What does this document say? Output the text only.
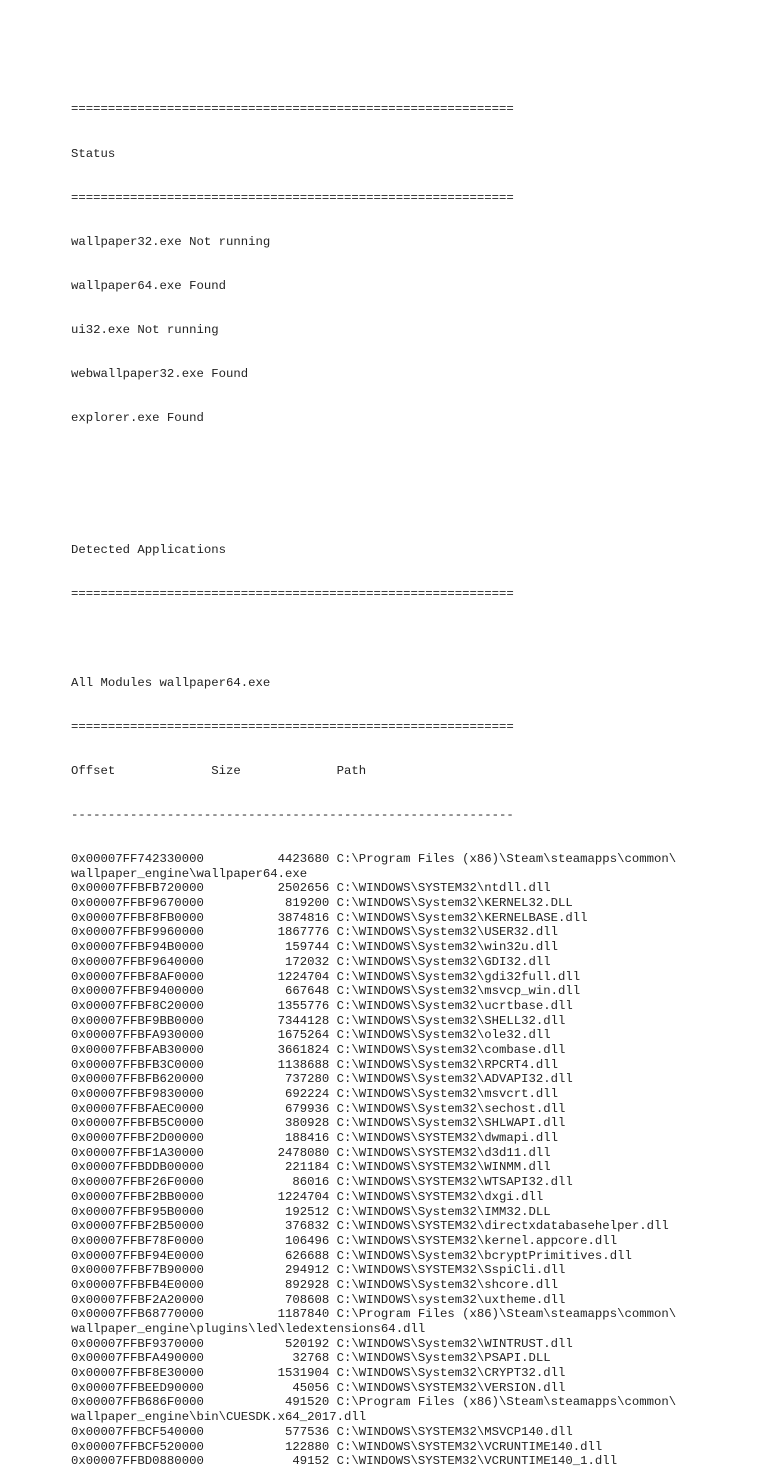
============================================================

Status

============================================================

wallpaper32.exe Not running

wallpaper64.exe Found

ui32.exe Not running

webwallpaper32.exe Found

explorer.exe Found

Detected Applications

============================================================

All Modules wallpaper64.exe

============================================================

Offset             Size             Path

------------------------------------------------------------

0x00007FF742330000	4423680 C:\Program Files (x86)\Steam\steamapps\common\
wallpaper_engine\wallpaper64.exe
0x00007FFBFB720000	2502656 C:\WINDOWS\SYSTEM32\ntdll.dll
0x00007FFBF9670000	819200 C:\WINDOWS\System32\KERNEL32.DLL
0x00007FFBF8FB0000	3874816 C:\WINDOWS\System32\KERNELBASE.dll
0x00007FFBF9960000	1867776 C:\WINDOWS\System32\USER32.dll
0x00007FFBF94B0000	159744 C:\WINDOWS\System32\win32u.dll
0x00007FFBF9640000	172032 C:\WINDOWS\System32\GDI32.dll
0x00007FFBF8AF0000	1224704 C:\WINDOWS\System32\gdi32full.dll
0x00007FFBF9400000	667648 C:\WINDOWS\System32\msvcp_win.dll
0x00007FFBF8C20000	1355776 C:\WINDOWS\System32\ucrtbase.dll
0x00007FFBF9BB0000	7344128 C:\WINDOWS\System32\SHELL32.dll
0x00007FFBFA930000	1675264 C:\WINDOWS\System32\ole32.dll
0x00007FFBFAB30000	3661824 C:\WINDOWS\System32\combase.dll
0x00007FFBFB3C0000	1138688 C:\WINDOWS\System32\RPCRT4.dll
0x00007FFBFB620000	737280 C:\WINDOWS\System32\ADVAPI32.dll
0x00007FFBF9830000	692224 C:\WINDOWS\System32\msvcrt.dll
0x00007FFBFAEC0000	679936 C:\WINDOWS\System32\sechost.dll
0x00007FFBFB5C0000	380928 C:\WINDOWS\System32\SHLWAPI.dll
0x00007FFBF2D00000	188416 C:\WINDOWS\SYSTEM32\dwmapi.dll
0x00007FFBF1A30000	2478080 C:\WINDOWS\SYSTEM32\d3d11.dll
0x00007FFBDDB00000	221184 C:\WINDOWS\SYSTEM32\WINMM.dll
0x00007FFBF26F0000	86016 C:\WINDOWS\SYSTEM32\WTSAPI32.dll
0x00007FFBF2BB0000	1224704 C:\WINDOWS\SYSTEM32\dxgi.dll
0x00007FFBF95B0000	192512 C:\WINDOWS\System32\IMM32.DLL
0x00007FFBF2B50000	376832 C:\WINDOWS\SYSTEM32\directxdatabasehelper.dll
0x00007FFBF78F0000	106496 C:\WINDOWS\SYSTEM32\kernel.appcore.dll
0x00007FFBF94E0000	626688 C:\WINDOWS\System32\bcryptPrimitives.dll
0x00007FFBF7B90000	294912 C:\WINDOWS\SYSTEM32\SspiCli.dll
0x00007FFBFB4E0000	892928 C:\WINDOWS\System32\shcore.dll
0x00007FFBF2A20000	708608 C:\WINDOWS\system32\uxtheme.dll
0x00007FFB68770000	1187840 C:\Program Files (x86)\Steam\steamapps\common\
wallpaper_engine\plugins\led\ledextensions64.dll
0x00007FFBF9370000	520192 C:\WINDOWS\System32\WINTRUST.dll
0x00007FFBFA490000	32768 C:\WINDOWS\System32\PSAPI.DLL
0x00007FFBF8E30000	1531904 C:\WINDOWS\System32\CRYPT32.dll
0x00007FFBEED90000	45056 C:\WINDOWS\SYSTEM32\VERSION.dll
0x00007FFB686F0000	491520 C:\Program Files (x86)\Steam\steamapps\common\
wallpaper_engine\bin\CUESDK.x64_2017.dll
0x00007FFBCF540000	577536 C:\WINDOWS\SYSTEM32\MSVCP140.dll
0x00007FFBCF520000	122880 C:\WINDOWS\SYSTEM32\VCRUNTIME140.dll
0x00007FFBD0880000	49152 C:\WINDOWS\SYSTEM32\VCRUNTIME140_1.dll
